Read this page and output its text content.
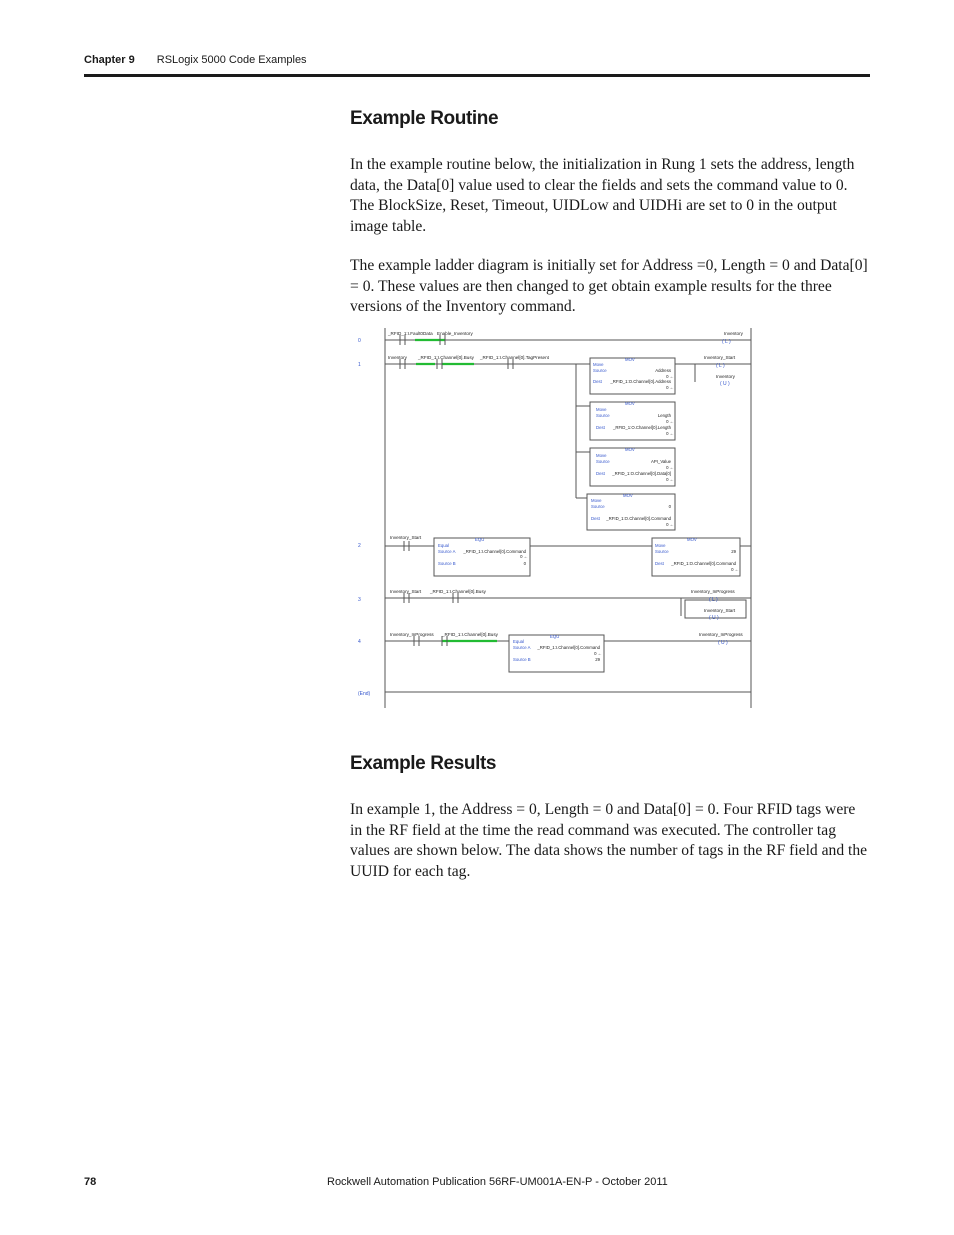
Chapter 9 RSLogix 5000 Code Examples
Example Routine

In the example routine below, the initialization in Rung 1 sets the address, length data, the Data[0] value used to clear the fields and sets the command value to 0. The BlockSize, Reset, Timeout, UIDLow and UIDHi are set to 0 in the output image table.

The example ladder diagram is initially set for Address =0, Length = 0 and Data[0] = 0. These values are then changed to get obtain example results for the three versions of the Inventory command.

0
1
2
3
4
(End)
_RFID_1:I.Fault0Data Enable_Inventory	Inventory
Inventory _RFID_1:I.Channel[0].Busy _RFID_1:I.Channel[0].TagPresent	Inventory_Start
Inventory
Inventory_Start
Inventory_Start _RFID_1:I.Channel[0].Busy	Inventory_InProgress
Inventory_Start
Inventory_InProgress _RFID_1:I.Channel[0].Busy	Inventory_InProgress
( L )
( L )
( U )
( L )
( U )
( U )
MOV
Move
Source	Address
0 ←
Dest _RFID_1:O.Channel[0].Address
0 ←
MOV
Move
Source	Length
0 ←
Dest _RFID_1:O.Channel[0].Length
0 ←
MOV
Move
Source	API_Value
0 ←
Dest _RFID_1:O.Channel[0].Data[0]
0 ←
MOV
Move
Source	0
Dest _RFID_1:O.Channel[0].Command
0 ←
EQU
Equal
Source A _RFID_1:I.Channel[0].Command
0 ←
Source B	0
MOV
Move
Source	29
Dest _RFID_1:O.Channel[0].Command
0 ←
EQU
Equal
Source A _RFID_1:I.Channel[0].Command
0 ←
Source B	29
Example Results

In example 1, the Address = 0, Length = 0 and Data[0] = 0. Four RFID tags were in the RF field at the time the read command was executed. The controller tag values are shown below. The data shows the number of tags in the RF field and the UUID for each tag.

78	Rockwell Automation Publication 56RF-UM001A-EN-P - October 2011
